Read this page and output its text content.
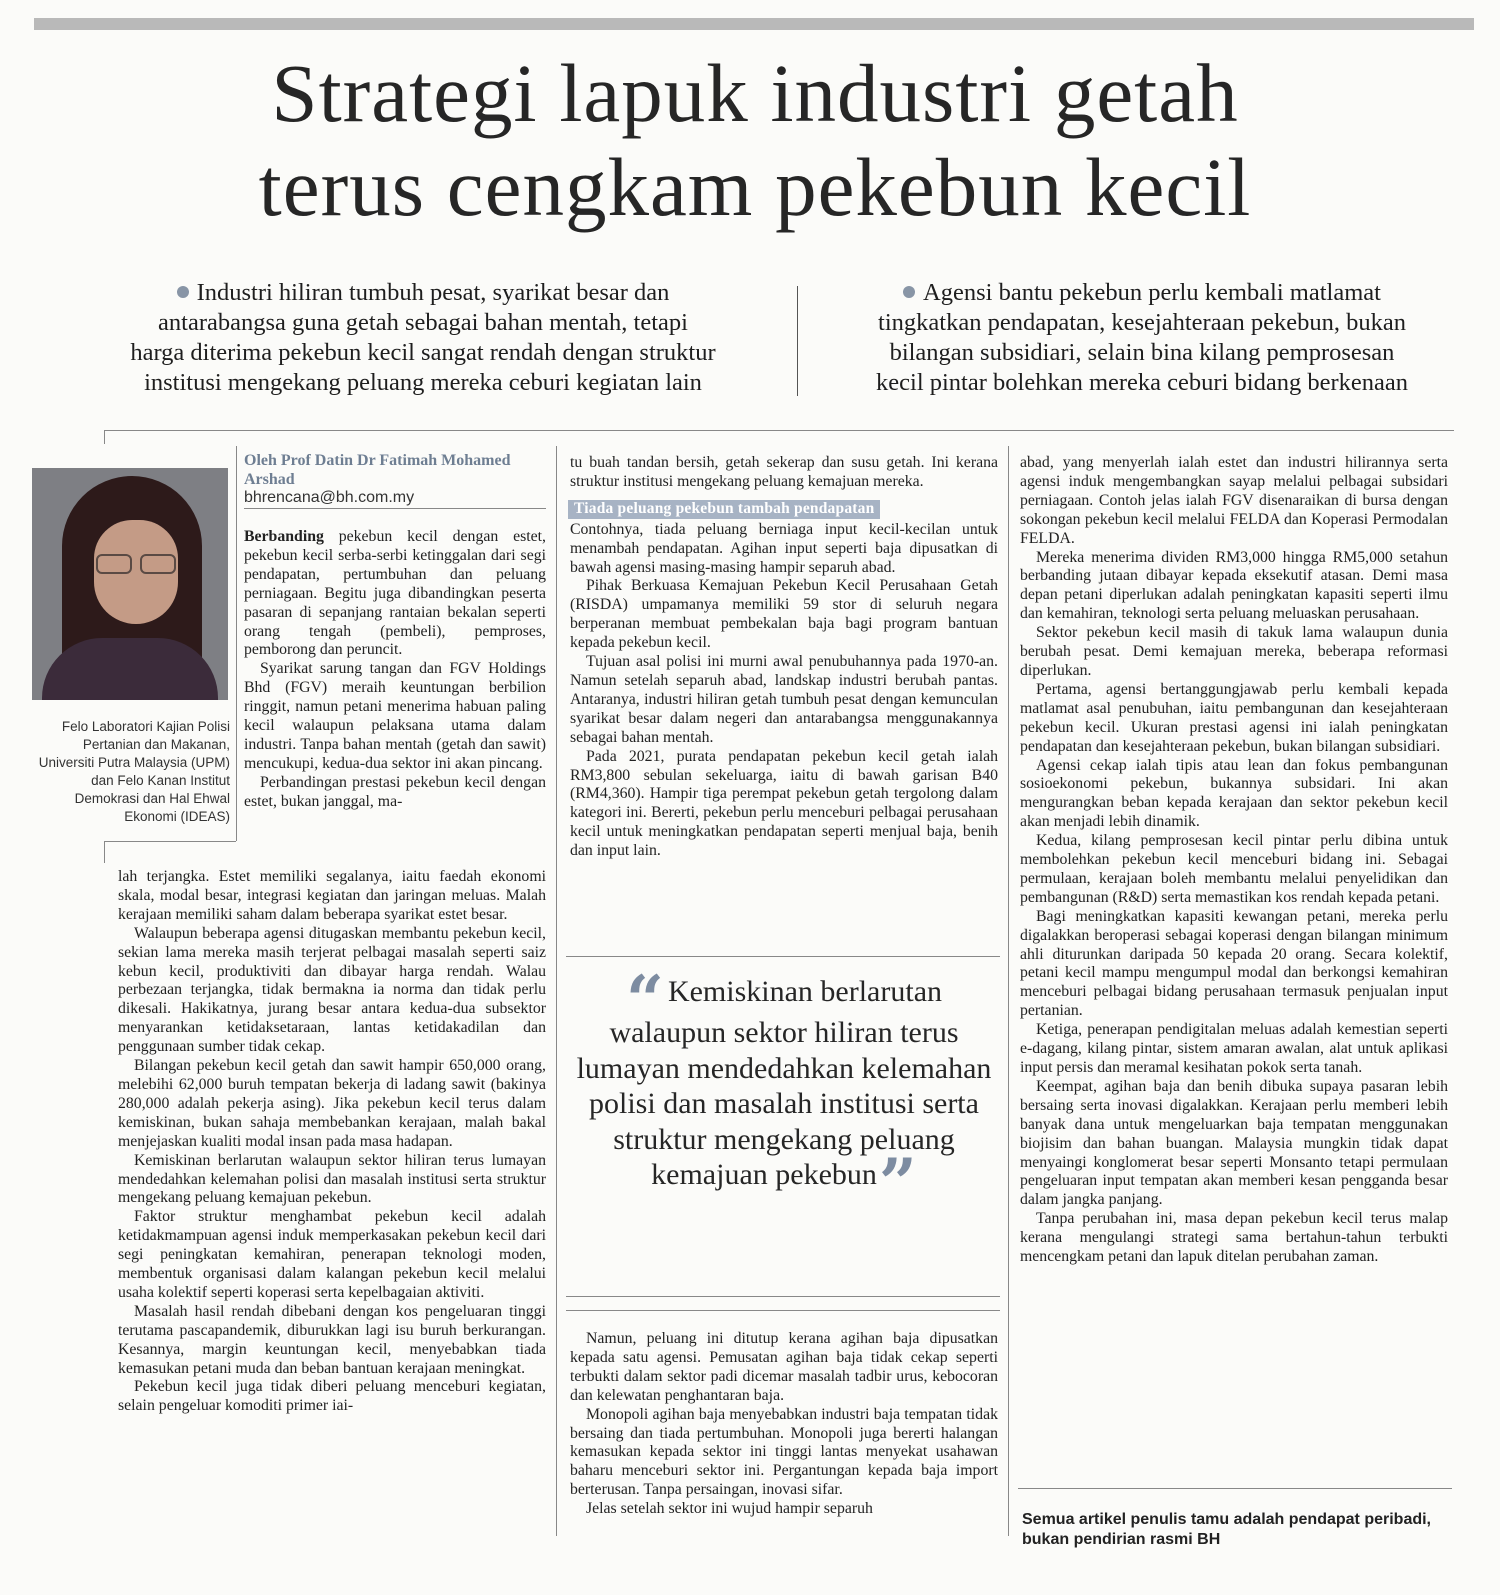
Strategi lapuk industri getah
terus cengkam pekebun kecil
Industri hiliran tumbuh pesat, syarikat besar dan
antarabangsa guna getah sebagai bahan mentah, tetapi
harga diterima pekebun kecil sangat rendah dengan struktur
institusi mengekang peluang mereka ceburi kegiatan lain
Agensi bantu pekebun perlu kembali matlamat
tingkatkan pendapatan, kesejahteraan pekebun, bukan
bilangan subsidiari, selain bina kilang pemprosesan
kecil pintar bolehkan mereka ceburi bidang berkenaan
Felo Laboratori Kajian Polisi Pertanian dan Makanan, Universiti Putra Malaysia (UPM) dan Felo Kanan Institut Demokrasi dan Hal Ehwal Ekonomi (IDEAS)
Oleh Prof Datin Dr Fatimah Mohamed Arshad
bhrencana@bh.com.my

Berbanding pekebun kecil dengan estet, pekebun kecil serba-serbi ketinggalan dari segi pendapatan, pertumbuhan dan peluang perniagaan. Begitu juga dibandingkan peserta pasaran di sepanjang rantaian bekalan seperti orang tengah (pembeli), pemproses, pemborong dan peruncit.

Syarikat sarung tangan dan FGV Holdings Bhd (FGV) meraih keuntungan berbilion ringgit, namun petani menerima habuan paling kecil walaupun pelaksana utama dalam industri. Tanpa bahan mentah (getah dan sawit) mencukupi, kedua-dua sektor ini akan pincang.

Perbandingan prestasi pekebun kecil dengan estet, bukan janggal, ma-

lah terjangka. Estet memiliki segalanya, iaitu faedah ekonomi skala, modal besar, integrasi kegiatan dan jaringan meluas. Malah kerajaan memiliki saham dalam beberapa syarikat estet besar.

Walaupun beberapa agensi ditugaskan membantu pekebun kecil, sekian lama mereka masih terjerat pelbagai masalah seperti saiz kebun kecil, produktiviti dan dibayar harga rendah. Walau perbezaan terjangka, tidak bermakna ia norma dan tidak perlu dikesali. Hakikatnya, jurang besar antara kedua-dua subsektor menyarankan ketidaksetaraan, lantas ketidakadilan dan penggunaan sumber tidak cekap.

Bilangan pekebun kecil getah dan sawit hampir 650,000 orang, melebihi 62,000 buruh tempatan bekerja di ladang sawit (bakinya 280,000 adalah pekerja asing). Jika pekebun kecil terus dalam kemiskinan, bukan sahaja membebankan kerajaan, malah bakal menjejaskan kualiti modal insan pada masa hadapan.

Kemiskinan berlarutan walaupun sektor hiliran terus lumayan mendedahkan kelemahan polisi dan masalah institusi serta struktur mengekang peluang kemajuan pekebun.

Faktor struktur menghambat pekebun kecil adalah ketidakmampuan agensi induk memperkasakan pekebun kecil dari segi peningkatan kemahiran, penerapan teknologi moden, membentuk organisasi dalam kalangan pekebun kecil melalui usaha kolektif seperti koperasi serta kepelbagaian aktiviti.

Masalah hasil rendah dibebani dengan kos pengeluaran tinggi terutama pascapandemik, diburukkan lagi isu buruh berkurangan. Kesannya, margin keuntungan kecil, menyebabkan tiada kemasukan petani muda dan beban bantuan kerajaan meningkat.

Pekebun kecil juga tidak diberi peluang menceburi kegiatan, selain pengeluar komoditi primer iai-

tu buah tandan bersih, getah sekerap dan susu getah. Ini kerana struktur institusi mengekang peluang kemajuan mereka.

Tiada peluang pekebun tambah pendapatan

Contohnya, tiada peluang berniaga input kecil-kecilan untuk menambah pendapatan. Agihan input seperti baja dipusatkan di bawah agensi masing-masing hampir separuh abad.

Pihak Berkuasa Kemajuan Pekebun Kecil Perusahaan Getah (RISDA) umpamanya memiliki 59 stor di seluruh negara berperanan membuat pembekalan baja bagi program bantuan kepada pekebun kecil.

Tujuan asal polisi ini murni awal penubuhannya pada 1970-an. Namun setelah separuh abad, landskap industri berubah pantas. Antaranya, industri hiliran getah tumbuh pesat dengan kemunculan syarikat besar dalam negeri dan antarabangsa menggunakannya sebagai bahan mentah.

Pada 2021, purata pendapatan pekebun kecil getah ialah RM3,800 sebulan sekeluarga, iaitu di bawah garisan B40 (RM4,360). Hampir tiga perempat pekebun getah tergolong dalam kategori ini. Bererti, pekebun perlu menceburi pelbagai perusahaan kecil untuk meningkatkan pendapatan seperti menjual baja, benih dan input lain.

“ Kemiskinan berlarutan walaupun sektor hiliran terus lumayan mendedahkan kelemahan polisi dan masalah institusi serta struktur mengekang peluang kemajuan pekebun”

Namun, peluang ini ditutup kerana agihan baja dipusatkan kepada satu agensi. Pemusatan agihan baja tidak cekap seperti terbukti dalam sektor padi dicemar masalah tadbir urus, kebocoran dan kelewatan penghantaran baja.

Monopoli agihan baja menyebabkan industri baja tempatan tidak bersaing dan tiada pertumbuhan. Monopoli juga bererti halangan kemasukan kepada sektor ini tinggi lantas menyekat usahawan baharu menceburi sektor ini. Pergantungan kepada baja import berterusan. Tanpa persaingan, inovasi sifar.

Jelas setelah sektor ini wujud hampir separuh

abad, yang menyerlah ialah estet dan industri hilirannya serta agensi induk mengembangkan sayap melalui pelbagai subsidari perniagaan. Contoh jelas ialah FGV disenaraikan di bursa dengan sokongan pekebun kecil melalui FELDA dan Koperasi Permodalan FELDA.

Mereka menerima dividen RM3,000 hingga RM5,000 setahun berbanding jutaan dibayar kepada eksekutif atasan. Demi masa depan petani diperlukan adalah peningkatan kapasiti seperti ilmu dan kemahiran, teknologi serta peluang meluaskan perusahaan.

Sektor pekebun kecil masih di takuk lama walaupun dunia berubah pesat. Demi kemajuan mereka, beberapa reformasi diperlukan.

Pertama, agensi bertanggungjawab perlu kembali kepada matlamat asal penubuhan, iaitu pembangunan dan kesejahteraan pekebun kecil. Ukuran prestasi agensi ini ialah peningkatan pendapatan dan kesejahteraan pekebun, bukan bilangan subsidiari.

Agensi cekap ialah tipis atau lean dan fokus pembangunan sosioekonomi pekebun, bukannya subsidari. Ini akan mengurangkan beban kepada kerajaan dan sektor pekebun kecil akan menjadi lebih dinamik.

Kedua, kilang pemprosesan kecil pintar perlu dibina untuk membolehkan pekebun kecil menceburi bidang ini. Sebagai permulaan, kerajaan boleh membantu melalui penyelidikan dan pembangunan (R&D) serta memastikan kos rendah kepada petani.

Bagi meningkatkan kapasiti kewangan petani, mereka perlu digalakkan beroperasi sebagai koperasi dengan bilangan minimum ahli diturunkan daripada 50 kepada 20 orang. Secara kolektif, petani kecil mampu mengumpul modal dan berkongsi kemahiran menceburi pelbagai bidang perusahaan termasuk penjualan input pertanian.

Ketiga, penerapan pendigitalan meluas adalah kemestian seperti e-dagang, kilang pintar, sistem amaran awalan, alat untuk aplikasi input persis dan meramal kesihatan pokok serta tanah.

Keempat, agihan baja dan benih dibuka supaya pasaran lebih bersaing serta inovasi digalakkan. Kerajaan perlu memberi lebih banyak dana untuk mengeluarkan baja tempatan menggunakan biojisim dan bahan buangan. Malaysia mungkin tidak dapat menyaingi konglomerat besar seperti Monsanto tetapi permulaan pengeluaran input tempatan akan memberi kesan pengganda besar dalam jangka panjang.

Tanpa perubahan ini, masa depan pekebun kecil terus malap kerana mengulangi strategi sama bertahun-tahun terbukti mencengkam petani dan lapuk ditelan perubahan zaman.

Semua artikel penulis tamu adalah pendapat peribadi, bukan pendirian rasmi BH
